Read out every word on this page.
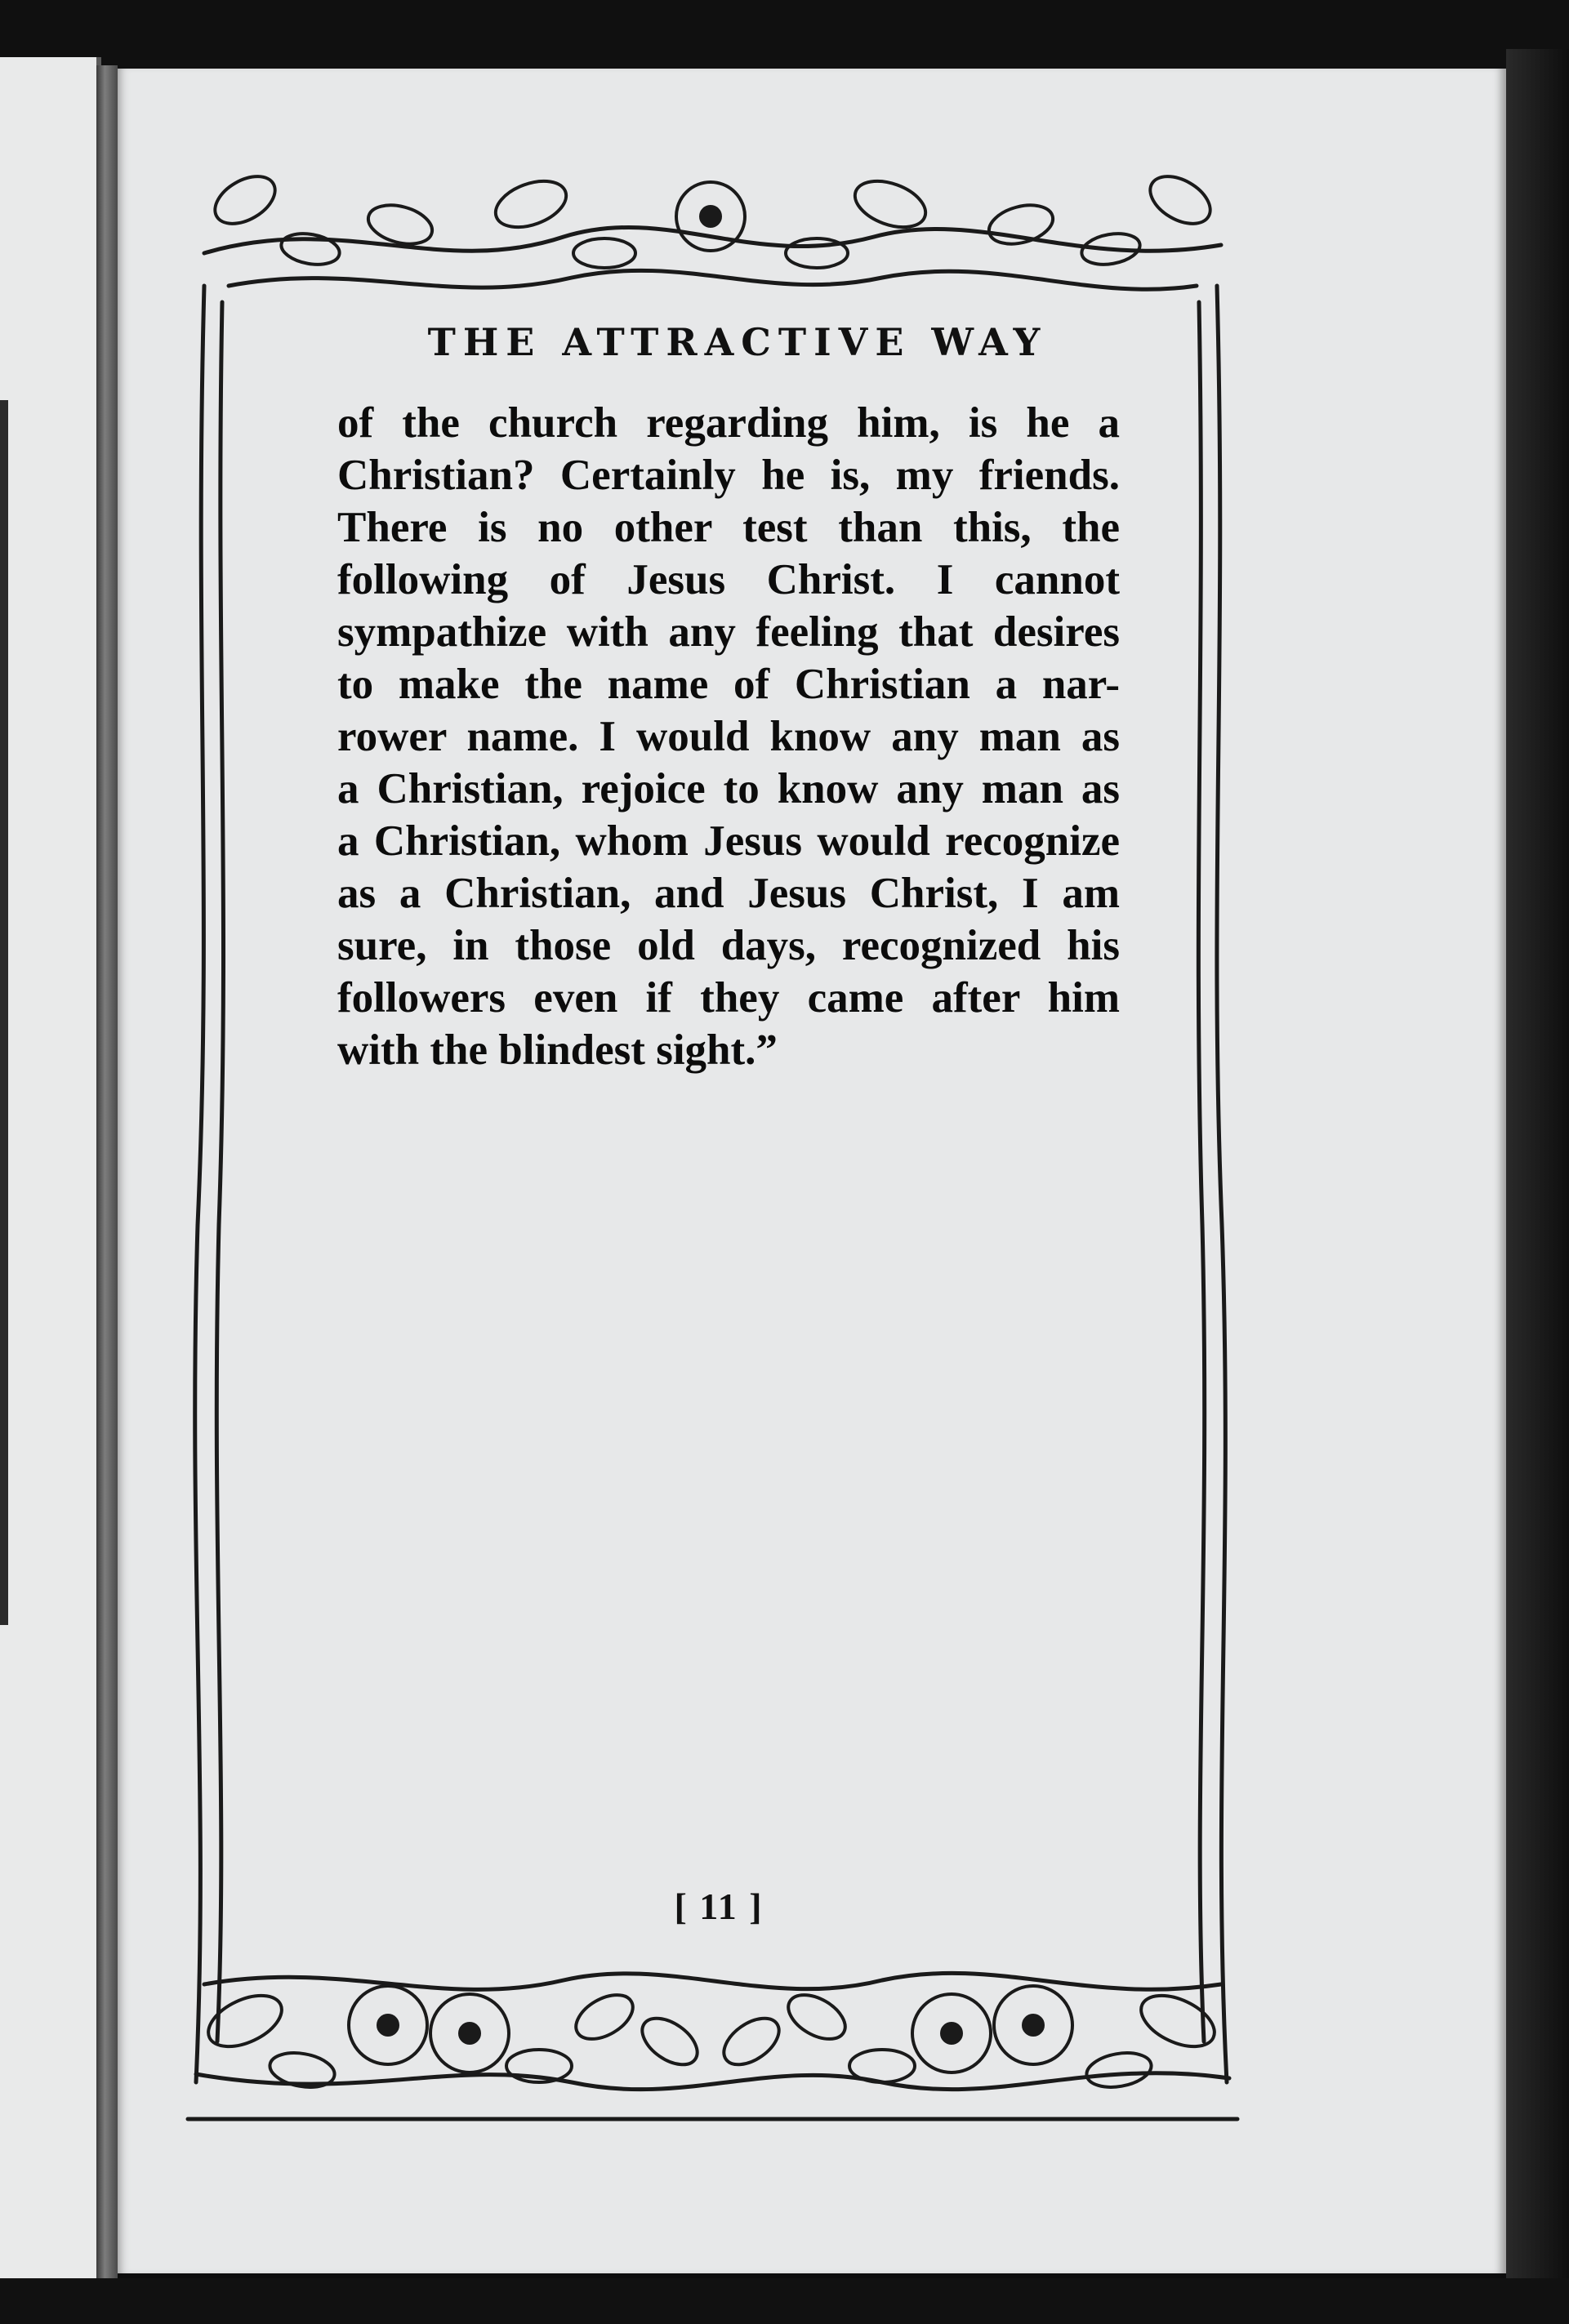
THE ATTRACTIVE WAY
of the church regarding him, is he a
Christian? Certainly he is, my friends.
There is no other test than this, the
following of Jesus Christ. I cannot
sympathize with any feeling that desires
to make the name of Christian a nar-
rower name. I would know any man as
a Christian, rejoice to know any man as
a Christian, whom Jesus would recognize
as a Christian, and Jesus Christ, I am
sure, in those old days, recognized his
followers even if they came after him
with the blindest sight.”
[ 11 ]
